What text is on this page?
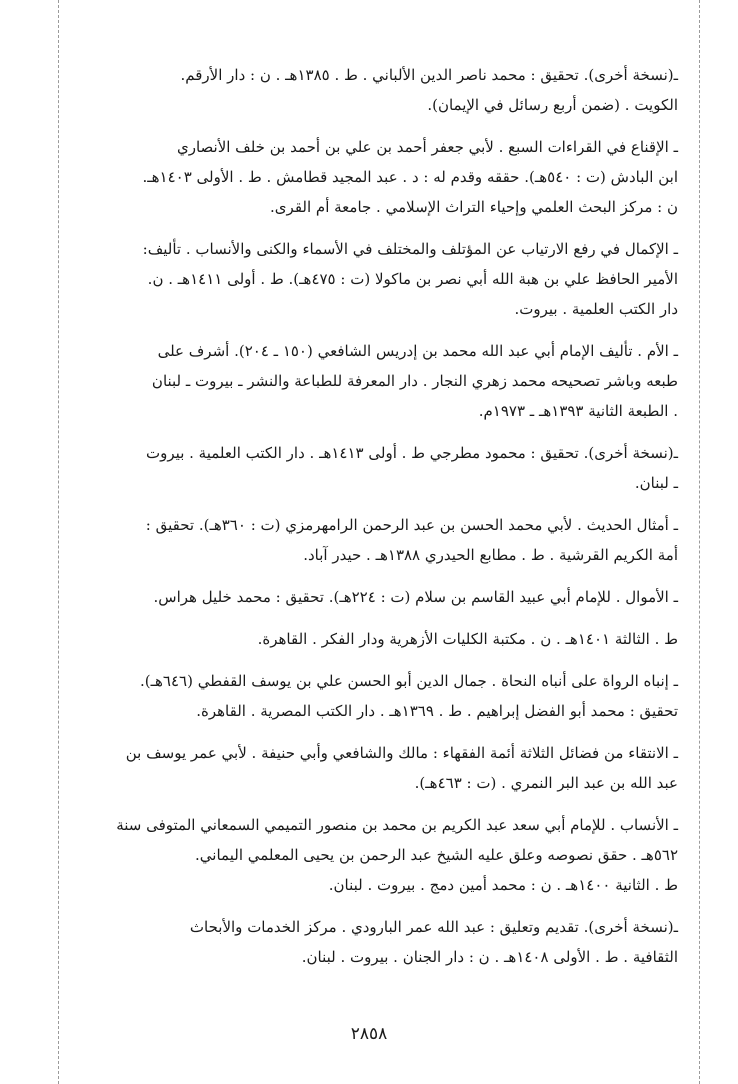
ـ(نسخة أخرى). تحقيق : محمد ناصر الدين الألباني . ط . ١٣٨٥هـ . ن : دار الأرقم.
الكويت . (ضمن أربع رسائل في الإيمان).

ـ الإقناع في القراءات السبع . لأبي جعفر أحمد بن علي بن أحمد بن خلف الأنصاري
ابن البادش (ت : ٥٤٠هـ). حققه وقدم له : د . عبد المجيد قطامش . ط . الأولى ١٤٠٣هـ.
ن : مركز البحث العلمي وإحياء التراث الإسلامي . جامعة أم القرى.

ـ الإكمال في رفع الارتياب عن المؤتلف والمختلف في الأسماء والكنى والأنساب . تأليف:
الأمير الحافظ علي بن هبة الله أبي نصر بن ماكولا (ت : ٤٧٥هـ). ط . أولى ١٤١١هـ . ن.
دار الكتب العلمية . بيروت.

ـ الأم . تأليف الإمام أبي عبد الله محمد بن إدريس الشافعي (١٥٠ ـ ٢٠٤). أشرف على
طبعه وباشر تصحيحه محمد زهري النجار . دار المعرفة للطباعة والنشر ـ بيروت ـ لبنان
. الطبعة الثانية ١٣٩٣هـ ـ ١٩٧٣م.

ـ(نسخة أخرى). تحقيق : محمود مطرجي ط . أولى ١٤١٣هـ . دار الكتب العلمية . بيروت
ـ لبنان.

ـ أمثال الحديث . لأبي محمد الحسن بن عبد الرحمن الرامهرمزي (ت : ٣٦٠هـ). تحقيق :
أمة الكريم القرشية . ط . مطابع الحيدري ١٣٨٨هـ . حيدر آباد.

ـ الأموال . للإمام أبي عبيد القاسم بن سلام (ت : ٢٢٤هـ). تحقيق : محمد خليل هراس.

ط . الثالثة ١٤٠١هـ . ن . مكتبة الكليات الأزهرية ودار الفكر . القاهرة.

ـ إنباه الرواة على أنباه النحاة . جمال الدين أبو الحسن علي بن يوسف القفطي (٦٤٦هـ).
تحقيق : محمد أبو الفضل إبراهيم . ط . ١٣٦٩هـ . دار الكتب المصرية . القاهرة.

ـ الانتقاء من فضائل الثلاثة أئمة الفقهاء : مالك والشافعي وأبي حنيفة . لأبي عمر يوسف بن
عبد الله بن عبد البر النمري . (ت : ٤٦٣هـ).

ـ الأنساب . للإمام أبي سعد عبد الكريم بن محمد بن منصور التميمي السمعاني المتوفى سنة
٥٦٢هـ . حقق نصوصه وعلق عليه الشيخ عبد الرحمن بن يحيى المعلمي اليماني.
ط . الثانية ١٤٠٠هـ . ن : محمد أمين دمج . بيروت . لبنان.

ـ(نسخة أخرى). تقديم وتعليق : عبد الله عمر البارودي . مركز الخدمات والأبحاث
الثقافية . ط . الأولى ١٤٠٨هـ . ن : دار الجنان . بيروت . لبنان.

٢٨٥٨
